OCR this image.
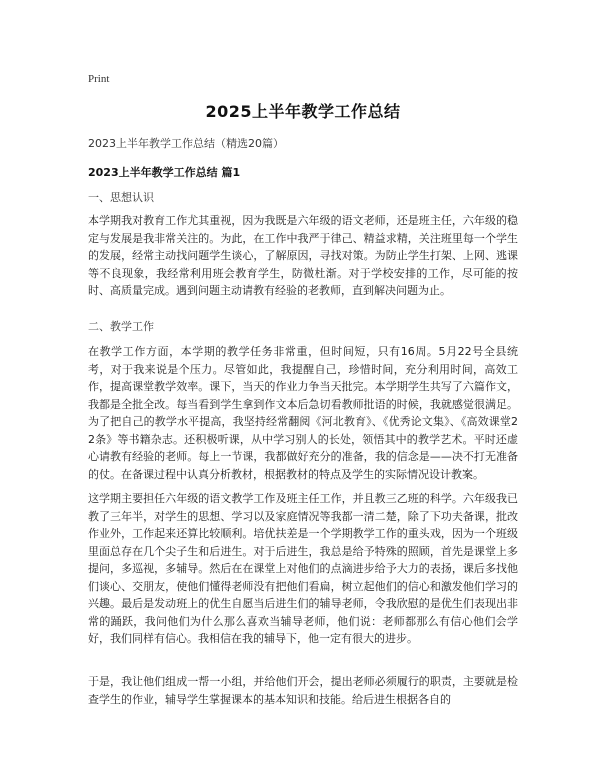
Print
2025上半年教学工作总结
2023上半年教学工作总结（精选20篇）
2023上半年教学工作总结 篇1
一、思想认识
本学期我对教育工作尤其重视，因为我既是六年级的语文老师，还是班主任，六年级的稳定与发展是我非常关注的。为此，在工作中我严于律己、精益求精，关注班里每一个学生的发展，经常主动找问题学生谈心，了解原因，寻找对策。为防止学生打架、上网、逃课等不良现象，我经常利用班会教育学生，防微杜渐。对于学校安排的工作，尽可能的按时、高质量完成。遇到问题主动请教有经验的老教师，直到解决问题为止。
二、教学工作
在教学工作方面，本学期的教学任务非常重，但时间短，只有16周。5月22号全县统考，对于我来说是个压力。尽管如此，我提醒自己，珍惜时间，充分利用时间，高效工作，提高课堂教学效率。课下，当天的作业力争当天批完。本学期学生共写了六篇作文，我都是全批全改。每当看到学生拿到作文本后急切看教师批语的时候，我就感觉很满足。为了把自己的教学水平提高，我坚持经常翻阅《河北教育》、《优秀论文集》、《高效课堂22条》等书籍杂志。还积极听课，从中学习别人的长处，领悟其中的教学艺术。平时还虚心请教有经验的老师。每上一节课，我都做好充分的准备，我的信念是——决不打无准备的仗。在备课过程中认真分析教材，根据教材的特点及学生的实际情况设计教案。
这学期主要担任六年级的语文教学工作及班主任工作，并且教三乙班的科学。六年级我已教了三年半，对学生的思想、学习以及家庭情况等我都一清二楚，除了下功夫备课，批改作业外，工作起来还算比较顺利。培优扶差是一个学期教学工作的重头戏，因为一个班级里面总存在几个尖子生和后进生。对于后进生，我总是给予特殊的照顾，首先是课堂上多提问，多巡视，多辅导。然后在在课堂上对他们的点滴进步给予大力的表扬，课后多找他们谈心、交朋友，使他们懂得老师没有把他们看扁，树立起他们的信心和激发他们学习的兴趣。最后是发动班上的优生自愿当后进生们的辅导老师，令我欣慰的是优生们表现出非常的踊跃，我问他们为什么那么喜欢当辅导老师，他们说：老师都那么有信心他们会学好，我们同样有信心。我相信在我的辅导下，他一定有很大的进步。
于是，我让他们组成一帮一小组，并给他们开会，提出老师必须履行的职责，主要就是检查学生的作业，辅导学生掌握课本的基本知识和技能。给后进生根据各自的
